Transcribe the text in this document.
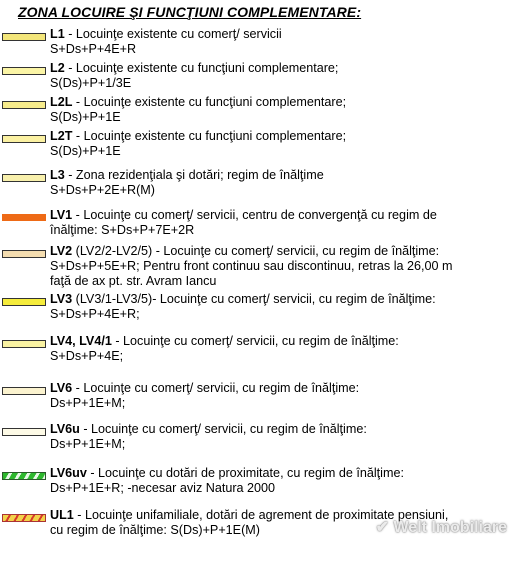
ZONA LOCUIRE ŞI FUNCŢIUNI COMPLEMENTARE:
L1 - Locuinţe existente cu comerţ/ servicii
S+Ds+P+4E+R
L2 - Locuinţe existente cu funcţiuni complementare;
S(Ds)+P+1/3E
L2L - Locuinţe existente cu funcţiuni complementare;
S(Ds)+P+1E
L2T - Locuinţe existente cu funcţiuni complementare;
S(Ds)+P+1E
L3 - Zona rezidenţiala şi dotări; regim de înălţime
S+Ds+P+2E+R(M)
LV1 - Locuinţe cu comerţ/ servicii, centru de convergenţă cu regim de
înălţime: S+Ds+P+7E+2R
LV2 (LV2/2-LV2/5) - Locuinţe cu comerţ/ servicii, cu regim de înălţime:
S+Ds+P+5E+R; Pentru front continuu sau discontinuu, retras la 26,00 m
faţă de ax pt. str. Avram Iancu
LV3 (LV3/1-LV3/5)- Locuinţe cu comerţ/ servicii, cu regim de înălţime:
S+Ds+P+4E+R;
LV4, LV4/1 - Locuinţe cu comerţ/ servicii, cu regim de înălţime:
S+Ds+P+4E;
LV6 - Locuinţe cu comerţ/ servicii, cu regim de înălţime:
Ds+P+1E+M;
LV6u - Locuinţe cu comerţ/ servicii, cu regim de înălţime:
Ds+P+1E+M;
LV6uv - Locuinţe cu dotări de proximitate, cu regim de înălţime:
Ds+P+1E+R; -necesar aviz Natura 2000
UL1 - Locuinţe unifamiliale, dotări de agrement de proximitate pensiuni,
cu regim de înălţime: S(Ds)+P+1E(M)	✔ Welt Imobiliare
